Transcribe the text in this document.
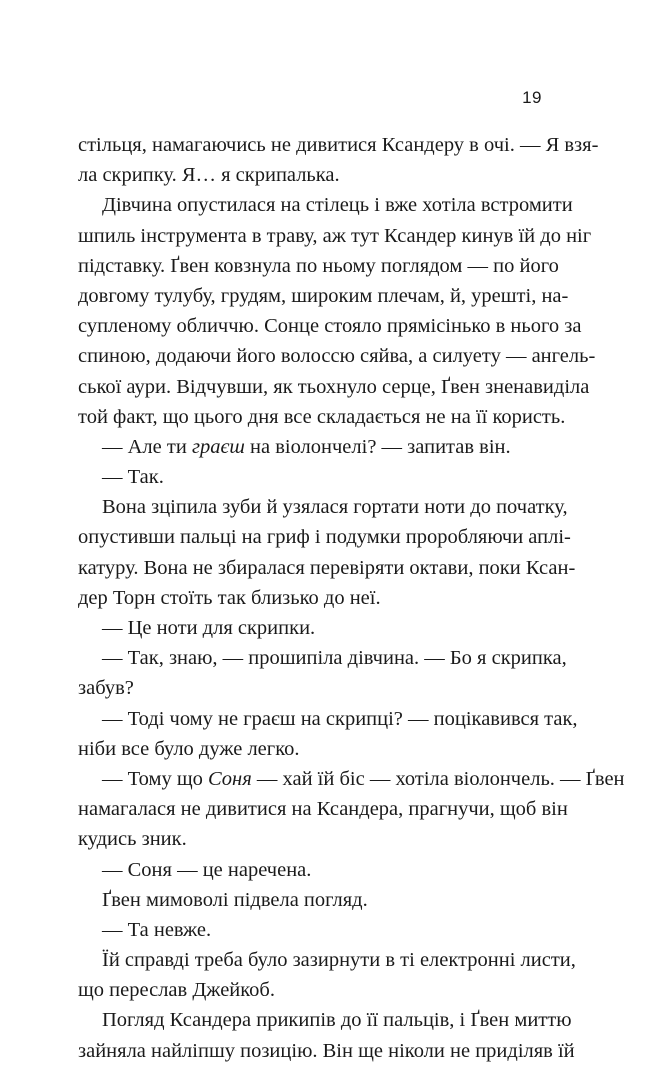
19
стільця, намагаючись не дивитися Ксандеру в очі. — Я взя-
ла скрипку. Я… я скрипалька.
Дівчина опустилася на стілець і вже хотіла встромити
шпиль інструмента в траву, аж тут Ксандер кинув їй до ніг
підставку. Ґвен ковзнула по ньому поглядом — по його
довгому тулубу, грудям, широким плечам, й, урешті, на-
супленому обличчю. Сонце стояло прямісінько в нього за
спиною, додаючи його волоссю сяйва, а силуету — ангель-
ської аури. Відчувши, як тьохнуло серце, Ґвен зненавиділа
той факт, що цього дня все складається не на її користь.
— Але ти граєш на віолончелі? — запитав він.
— Так.
Вона зціпила зуби й узялася гортати ноти до початку,
опустивши пальці на гриф і подумки проробляючи аплі-
катуру. Вона не збиралася перевіряти октави, поки Ксан-
дер Торн стоїть так близько до неї.
— Це ноти для скрипки.
— Так, знаю, — прошипіла дівчина. — Бо я скрипка,
забув?
— Тоді чому не граєш на скрипці? — поцікавився так,
ніби все було дуже легко.
— Тому що Соня — хай їй біс — хотіла віолончель. — Ґвен
намагалася не дивитися на Ксандера, прагнучи, щоб він
кудись зник.
— Соня — це наречена.
Ґвен мимоволі підвела погляд.
— Та невже.
Їй справді треба було зазирнути в ті електронні листи,
що переслав Джейкоб.
Погляд Ксандера прикипів до її пальців, і Ґвен миттю
зайняла найліпшу позицію. Він ще ніколи не приділяв їй
